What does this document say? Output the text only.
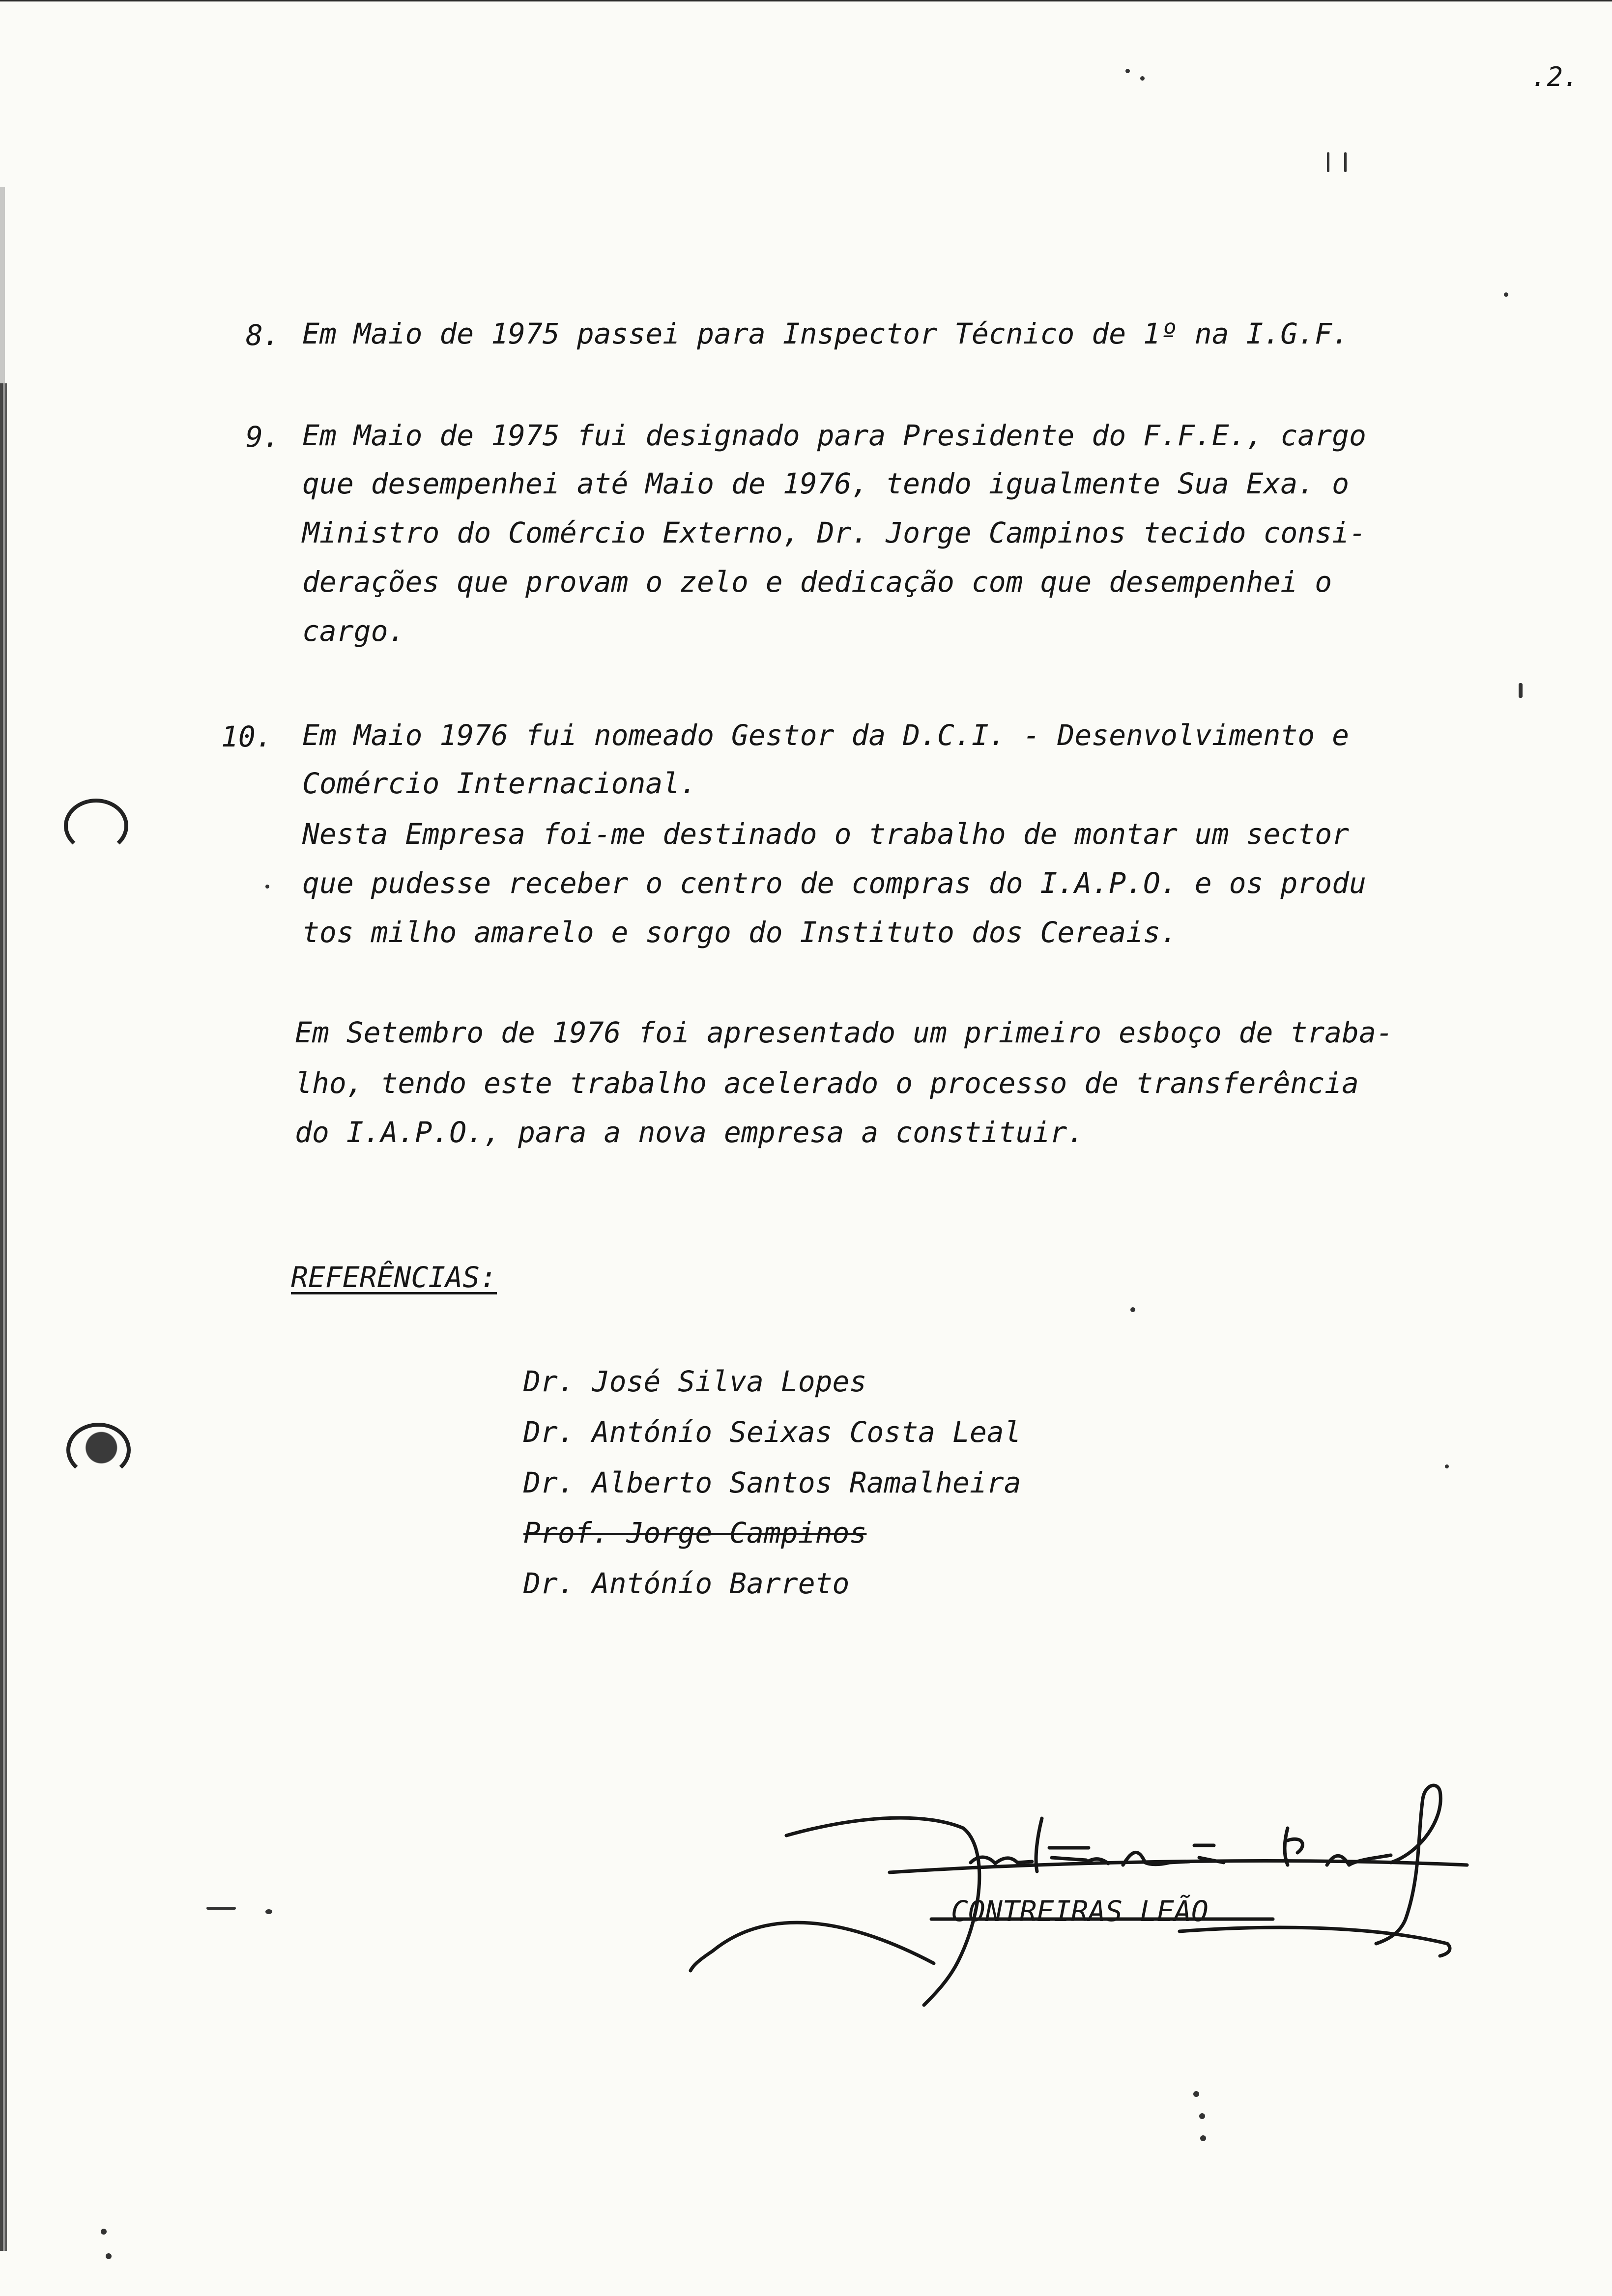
.2.
8. Em Maio de 1975 passei para Inspector Técnico de 1º na I.G.F.
9. Em Maio de 1975 fui designado para Presidente do F.F.E., cargo
que desempenhei até Maio de 1976, tendo igualmente Sua Exa. o
Ministro do Comércio Externo, Dr. Jorge Campinos tecido consi-
derações que provam o zelo e dedicação com que desempenhei o
cargo.
10. Em Maio 1976 fui nomeado Gestor da D.C.I. - Desenvolvimento e
Comércio Internacional.
Nesta Empresa foi-me destinado o trabalho de montar um sector
que pudesse receber o centro de compras do I.A.P.O. e os produ
tos milho amarelo e sorgo do Instituto dos Cereais.
Em Setembro de 1976 foi apresentado um primeiro esboço de traba-
lho, tendo este trabalho acelerado o processo de transferência
do I.A.P.O., para a nova empresa a constituir.
REFERÊNCIAS:
Dr. José Silva Lopes
Dr. Antónío Seixas Costa Leal
Dr. Alberto Santos Ramalheira
Prof. Jorge Campinos
Dr. Antónío Barreto
CONTREIRAS LEÃO
